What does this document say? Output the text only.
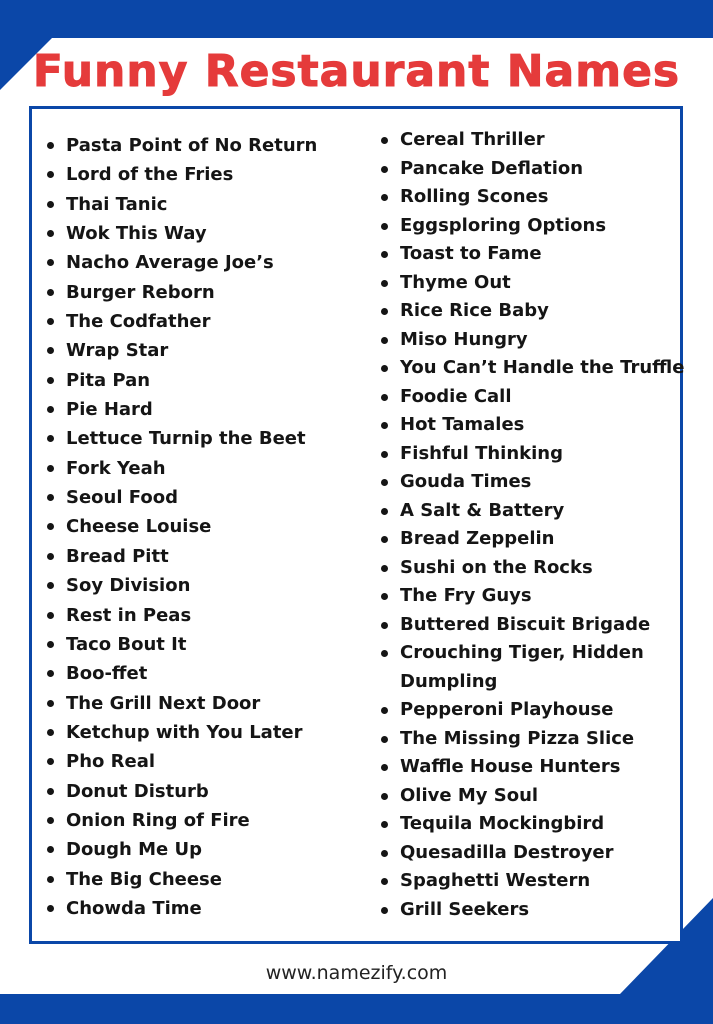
Funny Restaurant Names
Pasta Point of No Return
Lord of the Fries
Thai Tanic
Wok This Way
Nacho Average Joe’s
Burger Reborn
The Codfather
Wrap Star
Pita Pan
Pie Hard
Lettuce Turnip the Beet
Fork Yeah
Seoul Food
Cheese Louise
Bread Pitt
Soy Division
Rest in Peas
Taco Bout It
Boo-ffet
The Grill Next Door
Ketchup with You Later
Pho Real
Donut Disturb
Onion Ring of Fire
Dough Me Up
The Big Cheese
Chowda Time
Cereal Thriller
Pancake Deflation
Rolling Scones
Eggsploring Options
Toast to Fame
Thyme Out
Rice Rice Baby
Miso Hungry
You Can’t Handle the Truffle
Foodie Call
Hot Tamales
Fishful Thinking
Gouda Times
A Salt & Battery
Bread Zeppelin
Sushi on the Rocks
The Fry Guys
Buttered Biscuit Brigade
Crouching Tiger, Hidden Dumpling
Pepperoni Playhouse
The Missing Pizza Slice
Waffle House Hunters
Olive My Soul
Tequila Mockingbird
Quesadilla Destroyer
Spaghetti Western
Grill Seekers
www.namezify.com
